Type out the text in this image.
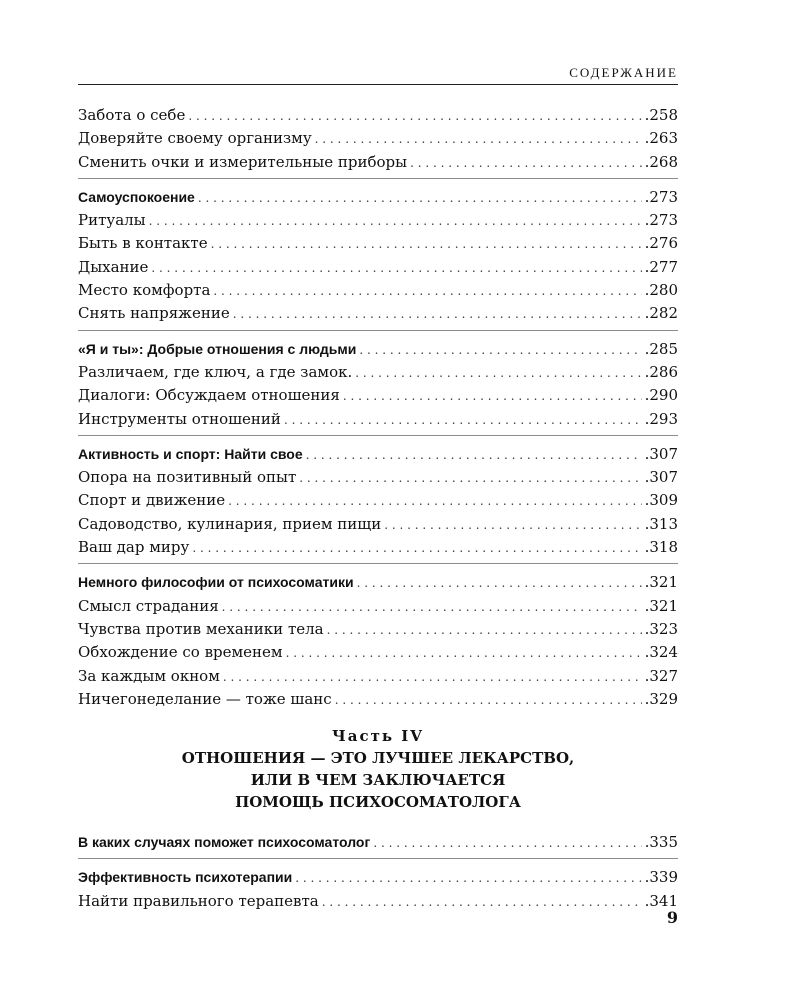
СОДЕРЖАНИЕ
Забота о себе . . .	.258
Доверяйте своему организму . . .	.263
Сменить очки и измерительные приборы . . .	.268
Самоуспокоение . . .	.273
Ритуалы . . .	.273
Быть в контакте . . .	.276
Дыхание . . .	.277
Место комфорта . . .	.280
Снять напряжение . . .	.282
«Я и ты»: Добрые отношения с людьми . . .	.285
Различаем, где ключ, а где замок. . . .	.286
Диалоги: Обсуждаем отношения . . .	.290
Инструменты отношений . . .	.293
Активность и спорт: Найти свое . . .	.307
Опора на позитивный опыт . . .	.307
Спорт и движение . . .	.309
Садоводство, кулинария, прием пищи . . .	.313
Ваш дар миру . . .	.318
Немного философии от психосоматики . . .	.321
Смысл страдания . . .	.321
Чувства против механики тела . . .	.323
Обхождение со временем . . .	.324
За каждым окном . . .	.327
Ничегонеделание — тоже шанс . . .	.329
Часть IV
ОТНОШЕНИЯ — ЭТО ЛУЧШЕЕ ЛЕКАРСТВО,
ИЛИ В ЧЕМ ЗАКЛЮЧАЕТСЯ
ПОМОЩЬ ПСИХОСОМАТОЛОГА
В каких случаях поможет психосоматолог . . .	.335
Эффективность психотерапии . . .	.339
Найти правильного терапевта . . .	.341
9
